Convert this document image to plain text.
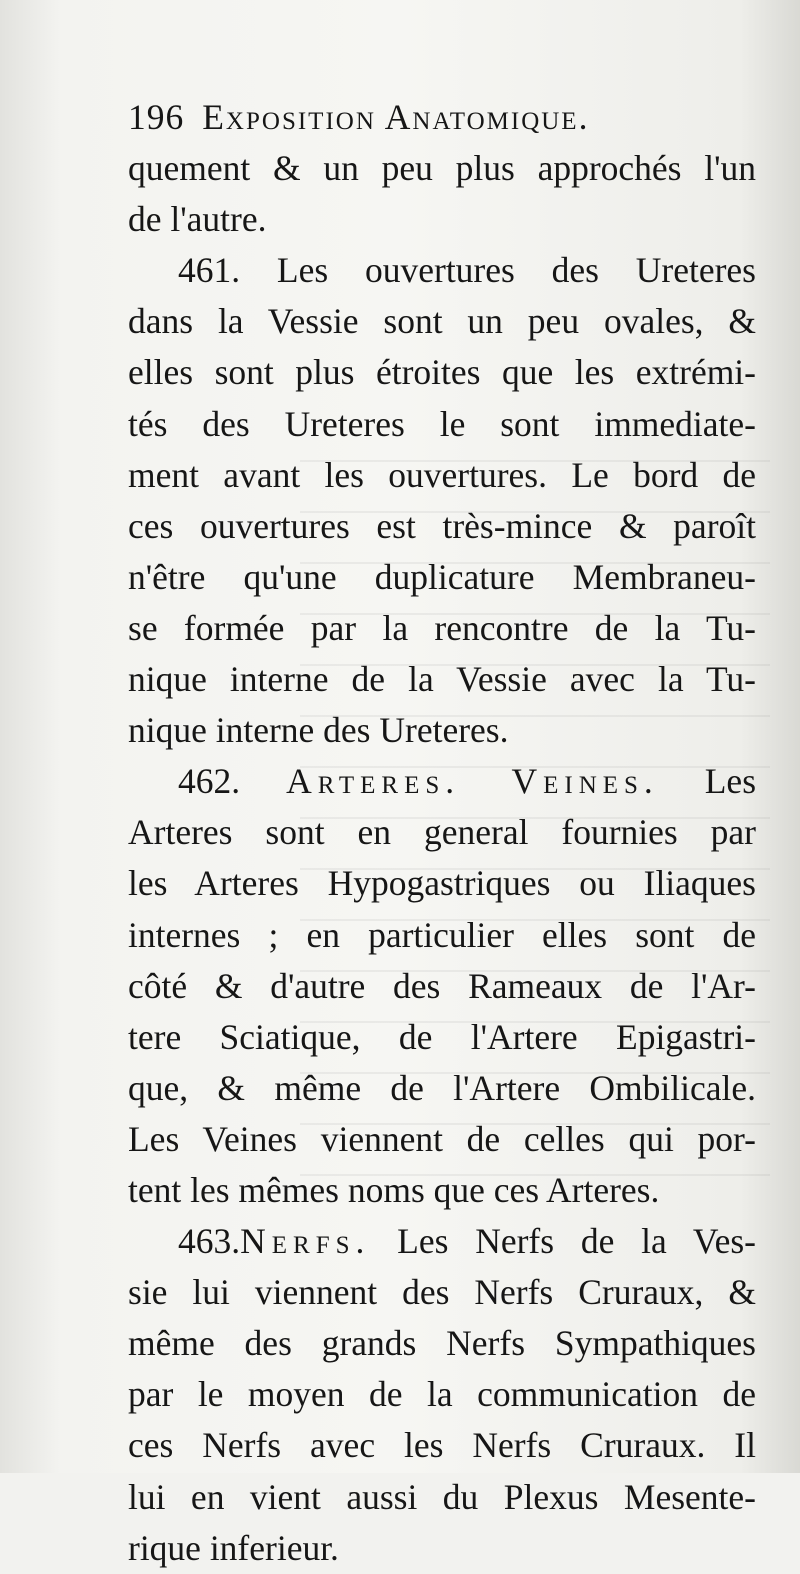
196 Exposition Anatomique.
quement & un peu plus approchés l'un
de l'autre.
461. Les ouvertures des Ureteres
dans la Vessie sont un peu ovales, &
elles sont plus étroites que les extrémi-
tés des Ureteres le sont immediate-
ment avant les ouvertures. Le bord de
ces ouvertures est très-mince & paroît
n'être qu'une duplicature Membraneu-
se formée par la rencontre de la Tu-
nique interne de la Vessie avec la Tu-
nique interne des Ureteres.
462. Arteres. Veines. Les
Arteres sont en general fournies par
les Arteres Hypogastriques ou Iliaques
internes ; en particulier elles sont de
côté & d'autre des Rameaux de l'Ar-
tere Sciatique, de l'Artere Epigastri-
que, & même de l'Artere Ombilicale.
Les Veines viennent de celles qui por-
tent les mêmes noms que ces Arteres.
463.Nerfs. Les Nerfs de la Ves-
sie lui viennent des Nerfs Cruraux, &
même des grands Nerfs Sympathiques
par le moyen de la communication de
ces Nerfs avec les Nerfs Cruraux. Il
lui en vient aussi du Plexus Mesente-
rique inferieur.
